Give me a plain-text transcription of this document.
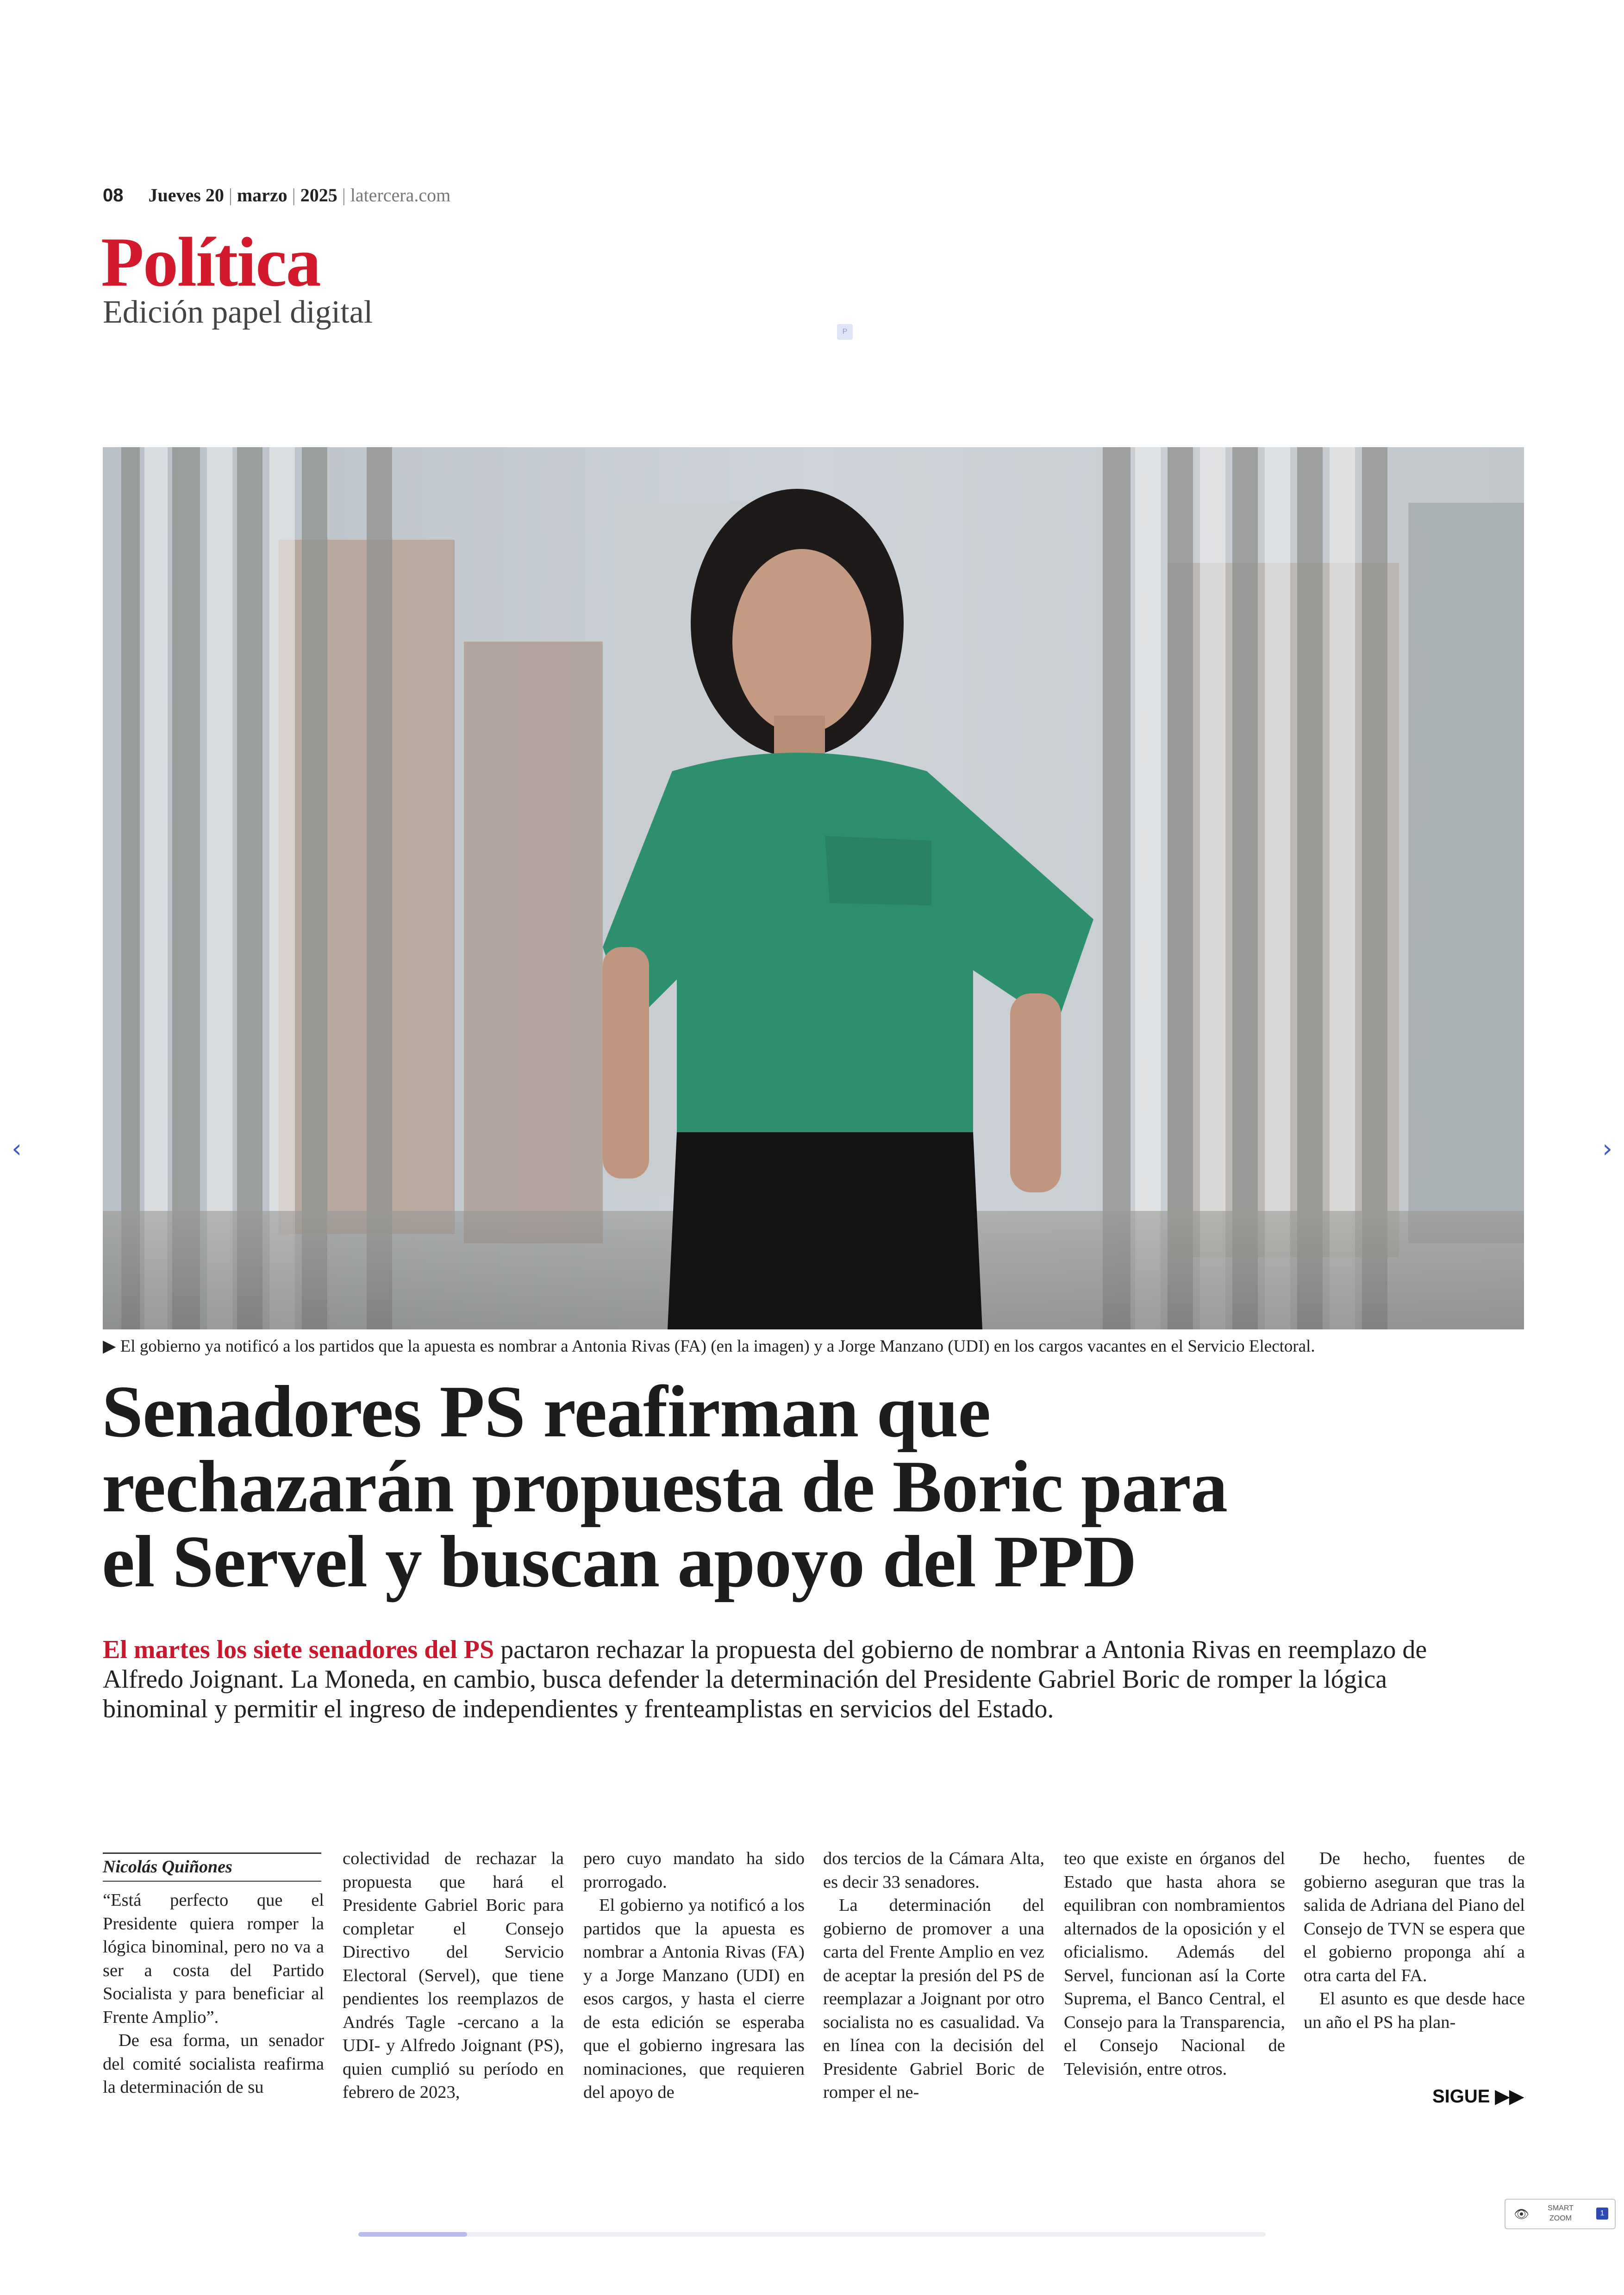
08 Jueves 20 | marzo | 2025 | latercera.com
Política
Edición papel digital
P
▶ El gobierno ya notificó a los partidos que la apuesta es nombrar a Antonia Rivas (FA) (en la imagen) y a Jorge Manzano (UDI) en los cargos vacantes en el Servicio Electoral.
Senadores PS reafirman que
rechazarán propuesta de Boric para
el Servel y buscan apoyo del PPD
El martes los siete senadores del PS pactaron rechazar la propuesta del gobierno de nombrar a Antonia Rivas en reemplazo de Alfredo Joignant. La Moneda, en cambio, busca defender la determinación del Presidente Gabriel Boric de romper la lógica binominal y permitir el ingreso de independientes y frenteamplistas en servicios del Estado.
Nicolás Quiñones

“Está perfecto que el Presidente quiera romper la lógica binominal, pero no va a ser a costa del Partido Socialista y para beneficiar al Frente Amplio”.

De esa forma, un senador del comité socialista reafirma la determinación de su

colectividad de rechazar la propuesta que hará el Presidente Gabriel Boric para completar el Consejo Directivo del Servicio Electoral (Servel), que tiene pendientes los reemplazos de Andrés Tagle -cercano a la UDI- y Alfredo Joignant (PS), quien cumplió su período en febrero de 2023,

pero cuyo mandato ha sido prorrogado.

El gobierno ya notificó a los partidos que la apuesta es nombrar a Antonia Rivas (FA) y a Jorge Manzano (UDI) en esos cargos, y hasta el cierre de esta edición se esperaba que el gobierno ingresara las nominaciones, que requieren del apoyo de

dos tercios de la Cámara Alta, es decir 33 senadores.

La determinación del gobierno de promover a una carta del Frente Amplio en vez de aceptar la presión del PS de reemplazar a Joignant por otro socialista no es casualidad. Va en línea con la decisión del Presidente Gabriel Boric de romper el ne-

teo que existe en órganos del Estado que hasta ahora se equilibran con nombramientos alternados de la oposición y el oficialismo. Además del Servel, funcionan así la Corte Suprema, el Banco Central, el Consejo para la Transparencia, el Consejo Nacional de Televisión, entre otros.

De hecho, fuentes de gobierno aseguran que tras la salida de Adriana del Piano del Consejo de TVN se espera que el gobierno proponga ahí a otra carta del FA.

El asunto es que desde hace un año el PS ha plan-

SIGUE ▶▶
‹	›
👁	SMART
ZOOM
1
